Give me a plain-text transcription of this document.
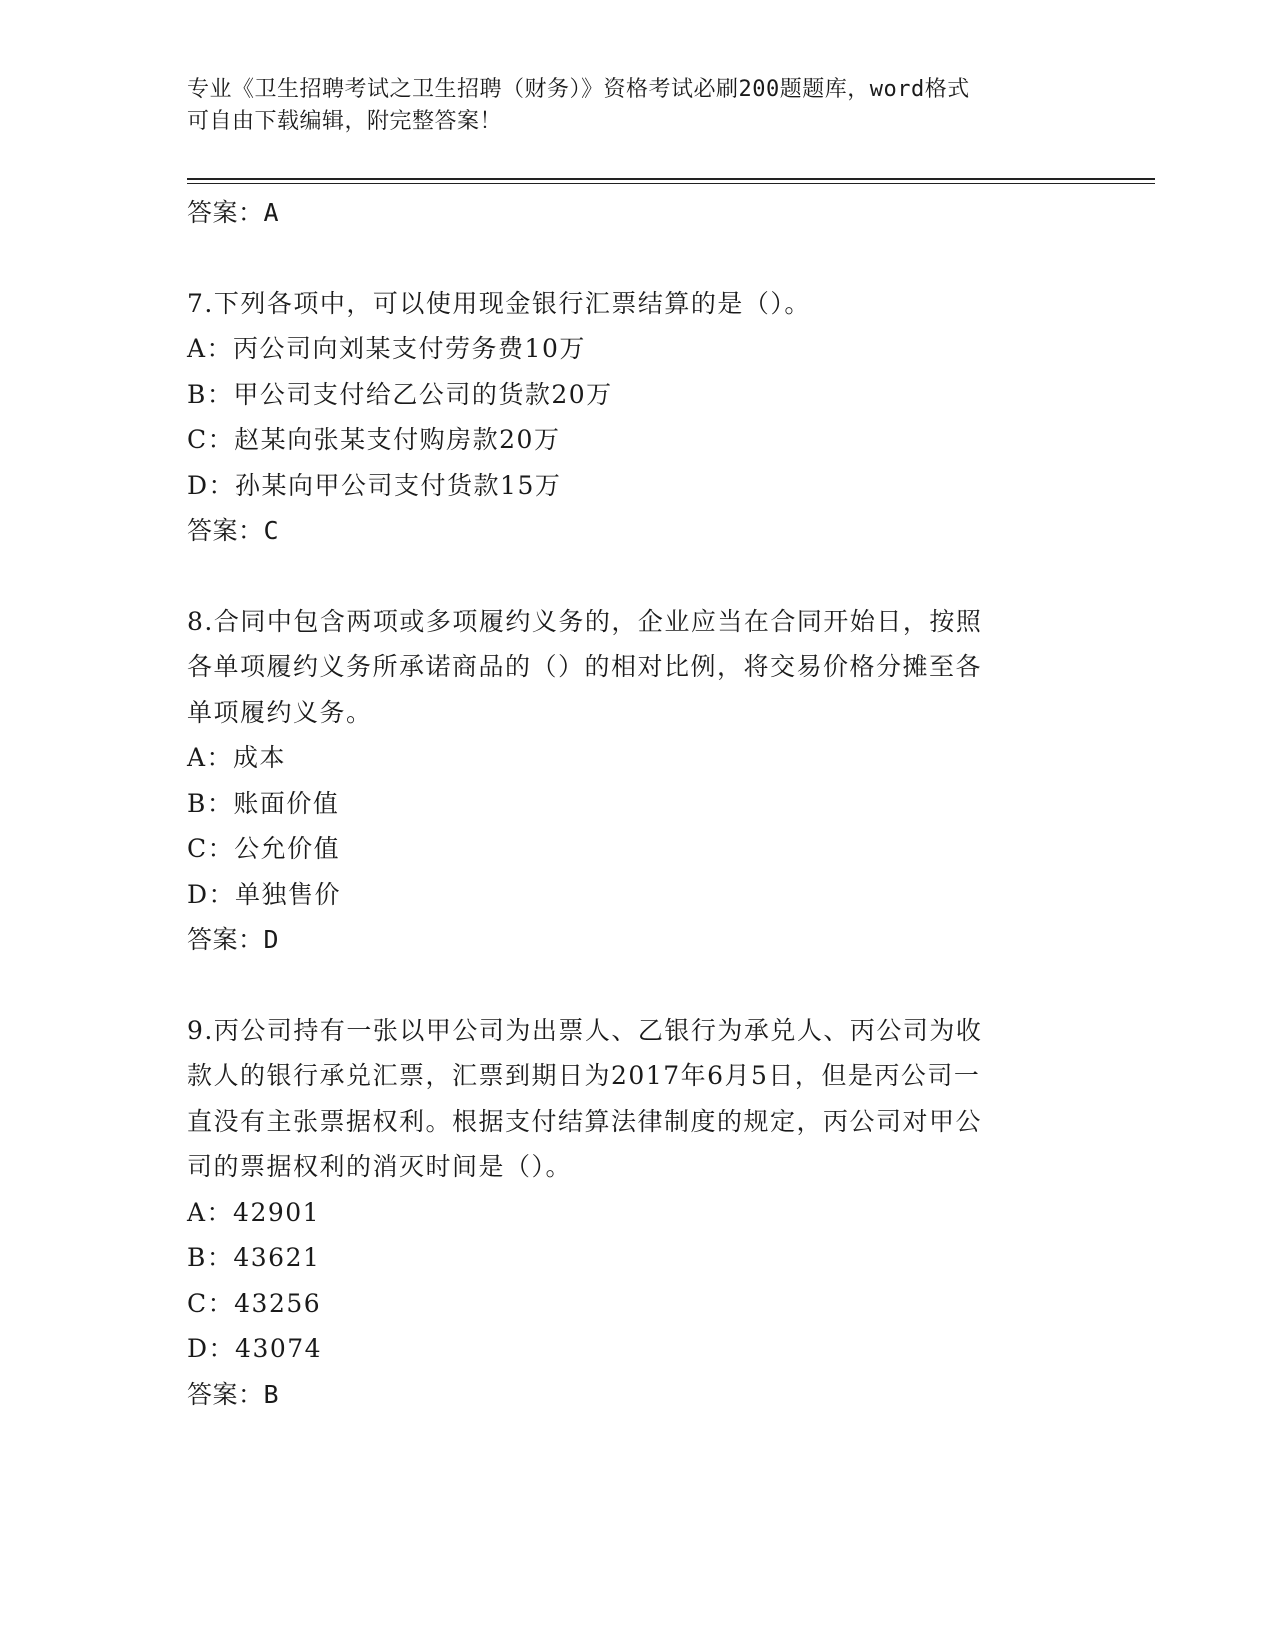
专业《卫生招聘考试之卫生招聘（财务）》资格考试必刷200题题库，word格式
可自由下载编辑，附完整答案！
答案：A
7.下列各项中，可以使用现金银行汇票结算的是（）。
A：丙公司向刘某支付劳务费10万
B：甲公司支付给乙公司的货款20万
C：赵某向张某支付购房款20万
D：孙某向甲公司支付货款15万
答案：C
8.合同中包含两项或多项履约义务的，企业应当在合同开始日，按照
各单项履约义务所承诺商品的（）的相对比例，将交易价格分摊至各
单项履约义务。
A：成本
B：账面价值
C：公允价值
D：单独售价
答案：D
9.丙公司持有一张以甲公司为出票人、乙银行为承兑人、丙公司为收
款人的银行承兑汇票，汇票到期日为2017年6月5日，但是丙公司一
直没有主张票据权利。根据支付结算法律制度的规定，丙公司对甲公
司的票据权利的消灭时间是（）。
A：42901
B：43621
C：43256
D：43074
答案：B
